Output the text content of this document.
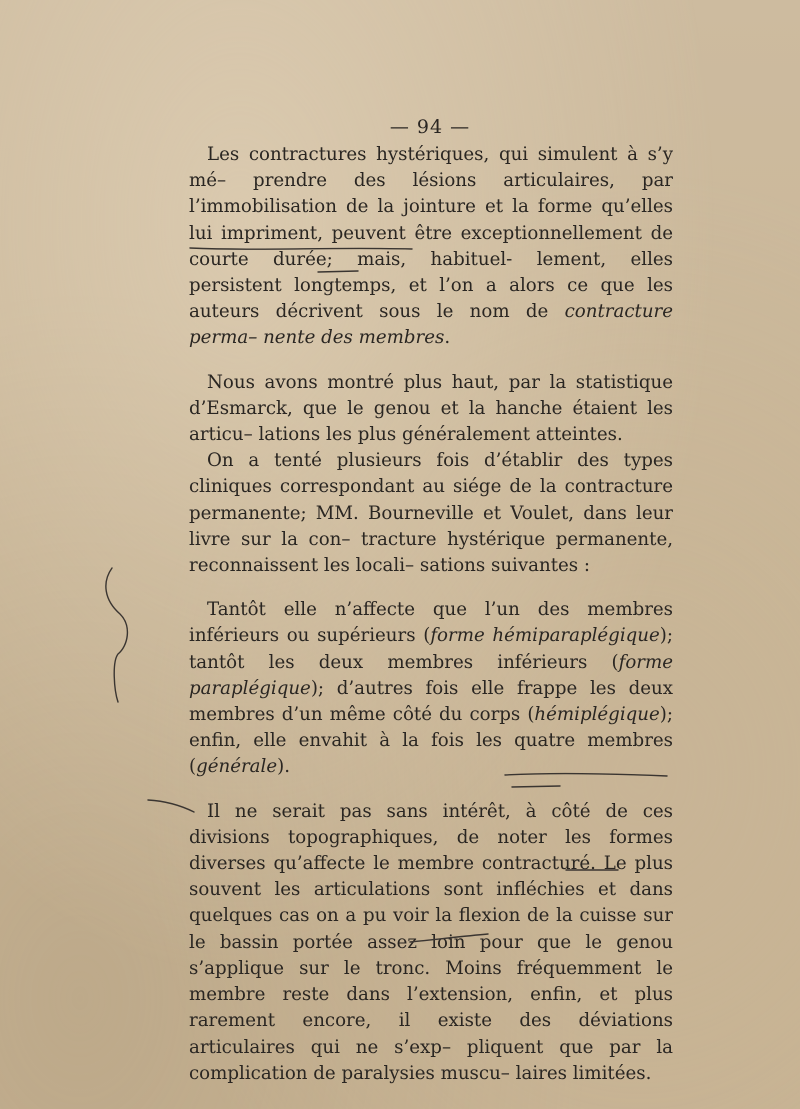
— 94 —

Les contractures hystériques, qui simulent à s’y mé– prendre des lésions articulaires, par l’immobilisation de la jointure et la forme qu’elles lui impriment, peuvent être exceptionnellement de courte durée; mais, habituel- lement, elles persistent longtemps, et l’on a alors ce que les auteurs décrivent sous le nom de contracture perma– nente des membres.

Nous avons montré plus haut, par la statistique d’Esmarck, que le genou et la hanche étaient les articu– lations les plus généralement atteintes.

On a tenté plusieurs fois d’établir des types cliniques correspondant au siége de la contracture permanente; MM. Bourneville et Voulet, dans leur livre sur la con– tracture hystérique permanente, reconnaissent les locali– sations suivantes :

Tantôt elle n’affecte que l’un des membres inférieurs ou supérieurs (forme hémiparaplégique); tantôt les deux membres inférieurs (forme paraplégique); d’autres fois elle frappe les deux membres d’un même côté du corps (hémiplégique); enfin, elle envahit à la fois les quatre membres (générale).

Il ne serait pas sans intérêt, à côté de ces divisions topographiques, de noter les formes diverses qu’affecte le membre contracturé. Le plus souvent les articulations sont infléchies et dans quelques cas on a pu voir la flexion de la cuisse sur le bassin portée assez loin pour que le genou s’applique sur le tronc. Moins fréquemment le membre reste dans l’extension, enfin, et plus rarement encore, il existe des déviations articulaires qui ne s’exp– pliquent que par la complication de paralysies muscu– laires limitées.
